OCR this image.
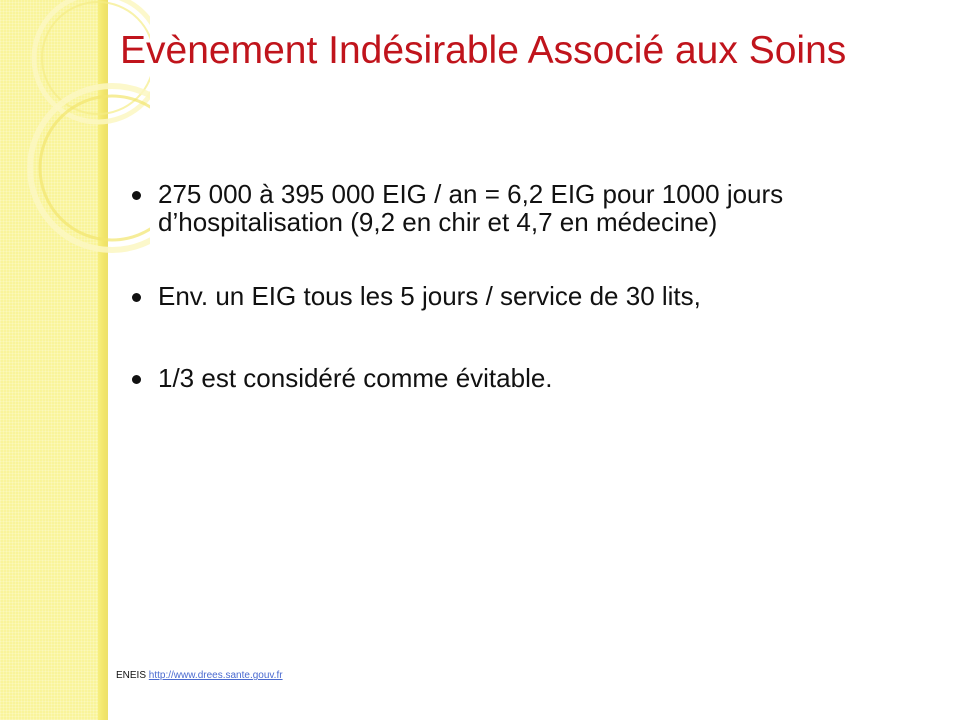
Evènement Indésirable Associé aux Soins
275 000 à 395 000 EIG / an = 6,2 EIG pour 1000 jours d’hospitalisation (9,2 en chir et 4,7 en médecine)
Env. un EIG tous les 5 jours / service de 30 lits,
1/3 est considéré comme évitable.
ENEIS http://www.drees.sante.gouv.fr
